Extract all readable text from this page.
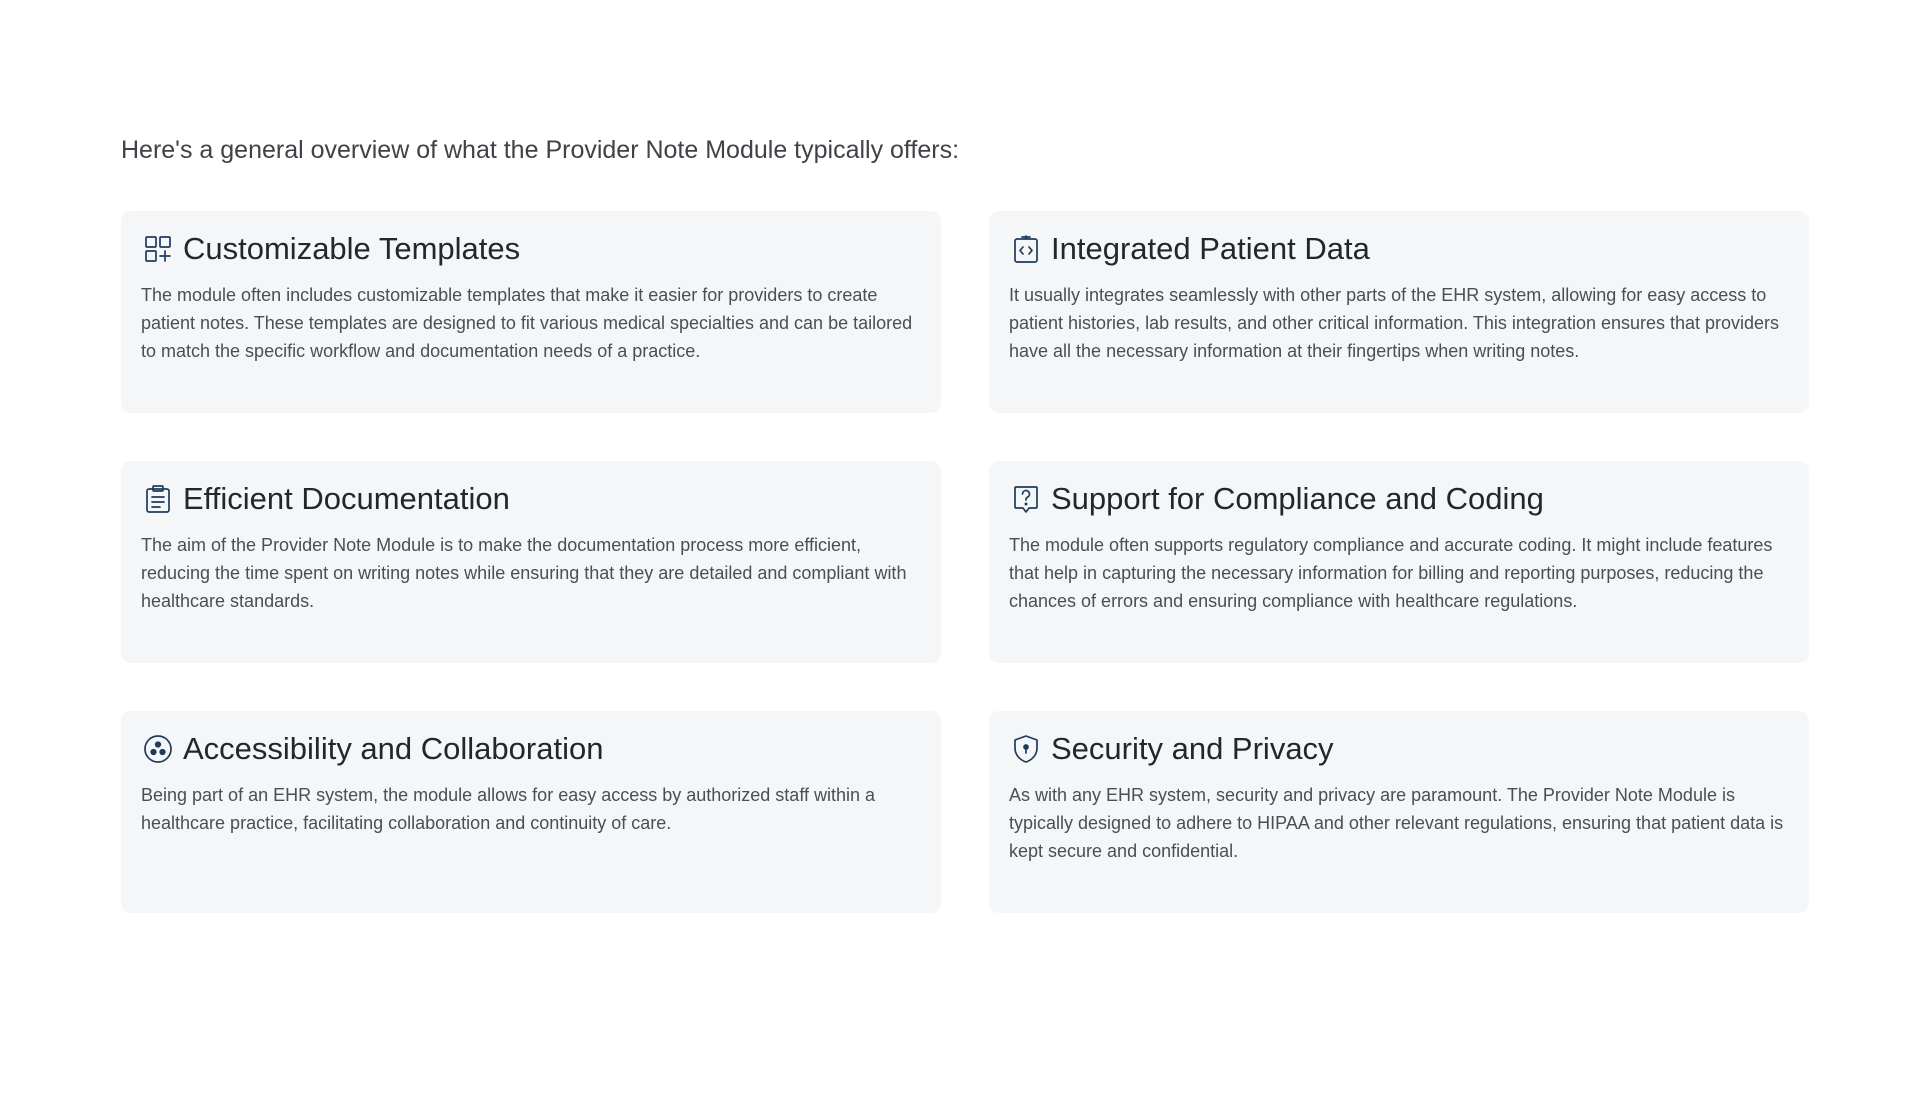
Here's a general overview of what the Provider Note Module typically offers:

Customizable Templates

The module often includes customizable templates that make it easier for providers to create patient notes. These templates are designed to fit various medical specialties and can be tailored to match the specific workflow and documentation needs of a practice.

Integrated Patient Data

It usually integrates seamlessly with other parts of the EHR system, allowing for easy access to patient histories, lab results, and other critical information. This integration ensures that providers have all the necessary information at their fingertips when writing notes.

Efficient Documentation

The aim of the Provider Note Module is to make the documentation process more efficient, reducing the time spent on writing notes while ensuring that they are detailed and compliant with healthcare standards.

Support for Compliance and Coding

The module often supports regulatory compliance and accurate coding. It might include features that help in capturing the necessary information for billing and reporting purposes, reducing the chances of errors and ensuring compliance with healthcare regulations.

Accessibility and Collaboration

Being part of an EHR system, the module allows for easy access by authorized staff within a healthcare practice, facilitating collaboration and continuity of care.

Security and Privacy

As with any EHR system, security and privacy are paramount. The Provider Note Module is typically designed to adhere to HIPAA and other relevant regulations, ensuring that patient data is kept secure and confidential.
